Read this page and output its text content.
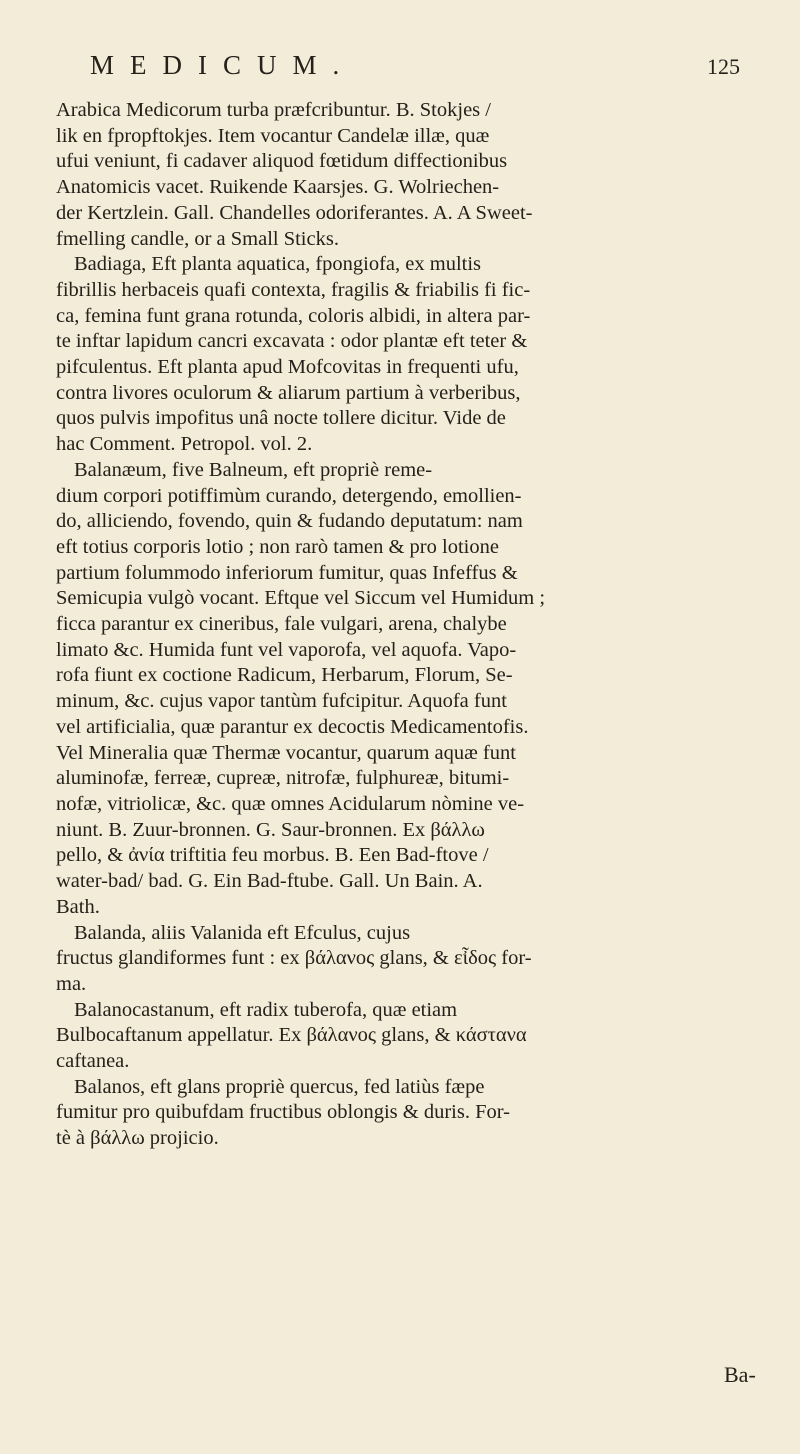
MEDICUM.	125
Arabica Medicorum turba præfcribuntur. B. Stokjes /
lik en fpropftokjes. Item vocantur Candelæ illæ, quæ
ufui veniunt, fi cadaver aliquod fœtidum diffectionibus
Anatomicis vacet. Ruikende Kaarsjes. G. Wolriechen-
der Kertzlein. Gall. Chandelles odoriferantes. A. A Sweet-
fmelling candle, or a Small Sticks.
Badiaga, Eft planta aquatica, fpongiofa, ex multis
fibrillis herbaceis quafi contexta, fragilis & friabilis fi fic-
ca, femina funt grana rotunda, coloris albidi, in altera par-
te inftar lapidum cancri excavata : odor plantæ eft teter &
pifculentus. Eft planta apud Mofcovitas in frequenti ufu,
contra livores oculorum & aliarum partium à verberibus,
quos pulvis impofitus unâ nocte tollere dicitur. Vide de
hac Comment. Petropol. vol. 2.
Balanæum, five Balneum, eft propriè reme-
dium corpori potiffimùm curando, detergendo, emollien-
do, alliciendo, fovendo, quin & fudando deputatum: nam
eft totius corporis lotio ; non rarò tamen & pro lotione
partium folummodo inferiorum fumitur, quas Infeffus &
Semicupia vulgò vocant. Eftque vel Siccum vel Humidum ;
ficca parantur ex cineribus, fale vulgari, arena, chalybe
limato &c. Humida funt vel vaporofa, vel aquofa. Vapo-
rofa fiunt ex coctione Radicum, Herbarum, Florum, Se-
minum, &c. cujus vapor tantùm fufcipitur. Aquofa funt
vel artificialia, quæ parantur ex decoctis Medicamentofis.
Vel Mineralia quæ Thermæ vocantur, quarum aquæ funt
aluminofæ, ferreæ, cupreæ, nitrofæ, fulphureæ, bitumi-
nofæ, vitriolicæ, &c. quæ omnes Acidularum nòmine ve-
niunt. B. Zuur-bronnen. G. Saur-bronnen. Ex βάλλω
pello, & ἀνία triftitia feu morbus. B. Een Bad-ftove /
water-bad/ bad. G. Ein Bad-ftube. Gall. Un Bain. A.
Bath.
Balanda, aliis Valanida eft Efculus, cujus
fructus glandiformes funt : ex βάλανος glans, & εἶδος for-
ma.
Balanocastanum, eft radix tuberofa, quæ etiam
Bulbocaftanum appellatur. Ex βάλανος glans, & κάστανα
caftanea.
Balanos, eft glans propriè quercus, fed latiùs fæpe
fumitur pro quibufdam fructibus oblongis & duris. For-
tè à βάλλω projicio.
Ba-
